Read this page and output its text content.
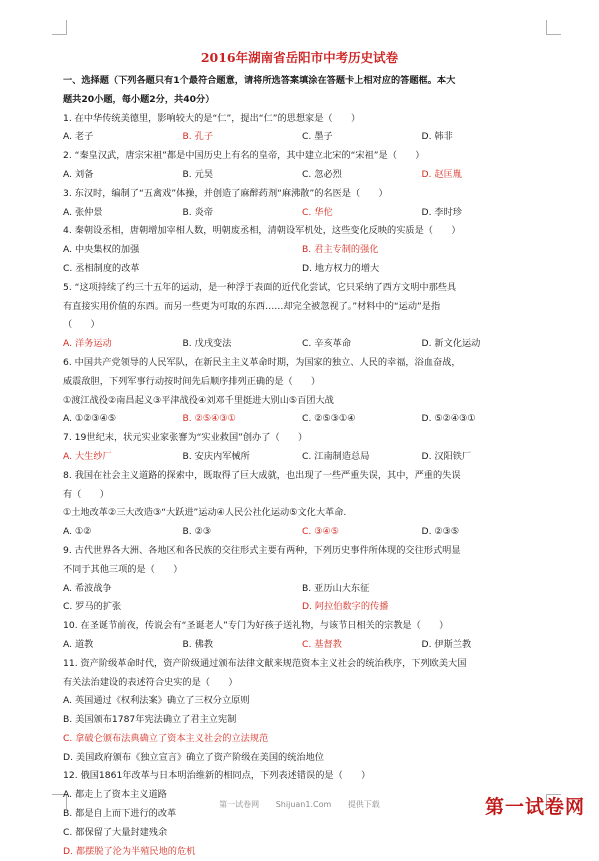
2016年湖南省岳阳市中考历史试卷
一、选择题（下列各题只有1个最符合题意，请将所选答案填涂在答题卡上相对应的答题框。本大
题共20小题，每小题2分，共40分）
1. 在中华传统美德里，影响较大的是“仁”，提出“仁”的思想家是（　　）
A. 老子	B. 孔子	C. 墨子	D. 韩非
2. “秦皇汉武，唐宗宋祖”都是中国历史上有名的皇帝，其中建立北宋的“宋祖”是（　　）
A. 刘备	B. 元昊	C. 忽必烈	D. 赵匡胤
3. 东汉时，编制了“五禽戏”体操，并创造了麻醉药剂“麻沸散”的名医是（　　）
A. 张仲景	B. 炎帝	C. 华佗	D. 李时珍
4. 秦朝设丞相，唐朝增加宰相人数，明朝废丞相，清朝设军机处，这些变化反映的实质是（　　）
A. 中央集权的加强	B. 君主专制的强化
C. 丞相制度的改革	D. 地方权力的增大
5. “这项持续了约三十五年的运动，是一种浮于表面的近代化尝试，它只采纳了西方文明中那些具
有直接实用价值的东西。而另一些更为可取的东西……却完全被忽视了。”材料中的“运动”是指
（　　）
A. 洋务运动	B. 戊戌变法	C. 辛亥革命	D. 新文化运动
6. 中国共产党领导的人民军队，在新民主主义革命时期，为国家的独立、人民的幸福，浴血奋战，
威震敌胆，下列军事行动按时间先后顺序排列正确的是（　　）
①渡江战役②南昌起义③平津战役④刘邓千里挺进大别山⑤百团大战
A. ①②③④⑤	B. ②⑤④③①	C. ②⑤③①④	D. ⑤②④③①
7. 19世纪末，状元实业家张謇为“实业救国”创办了（　　）
A. 大生纱厂	B. 安庆内军械所	C. 江南制造总局	D. 汉阳铁厂
8. 我国在社会主义道路的探索中，既取得了巨大成就，也出现了一些严重失误，其中，严重的失误
有（　　）
①土地改革②三大改造③“大跃进”运动④人民公社化运动⑤文化大革命.
A. ①②	B. ②③	C. ③④⑤	D. ②③⑤
9. 古代世界各大洲、各地区和各民族的交往形式主要有两种，下列历史事件所体现的交往形式明显
不同于其他三项的是（　　）
A. 希波战争	B. 亚历山大东征
C. 罗马的扩张	D. 阿拉伯数字的传播
10. 在圣诞节前夜，传说会有“圣诞老人”专门为好孩子送礼物，与该节日相关的宗教是（　　）
A. 道教	B. 佛教	C. 基督教	D. 伊斯兰教
11. 资产阶级革命时代，资产阶级通过颁布法律文献来规范资本主义社会的统治秩序，下列欧美大国
有关法治建设的表述符合史实的是（　　）
A. 英国通过《权利法案》确立了三权分立原则
B. 美国颁布1787年宪法确立了君主立宪制
C. 拿破仑颁布法典确立了资本主义社会的立法规范
D. 美国政府颁布《独立宣言》确立了资产阶级在美国的统治地位
12. 俄国1861年改革与日本明治维新的相同点，下列表述错误的是（　　）
A. 都走上了资本主义道路
B. 都是自上而下进行的改革
C. 都保留了大量封建残余
D. 都摆脱了沦为半殖民地的危机
第一试卷网 Shijuan1.Com 提供下载	第一试卷网
